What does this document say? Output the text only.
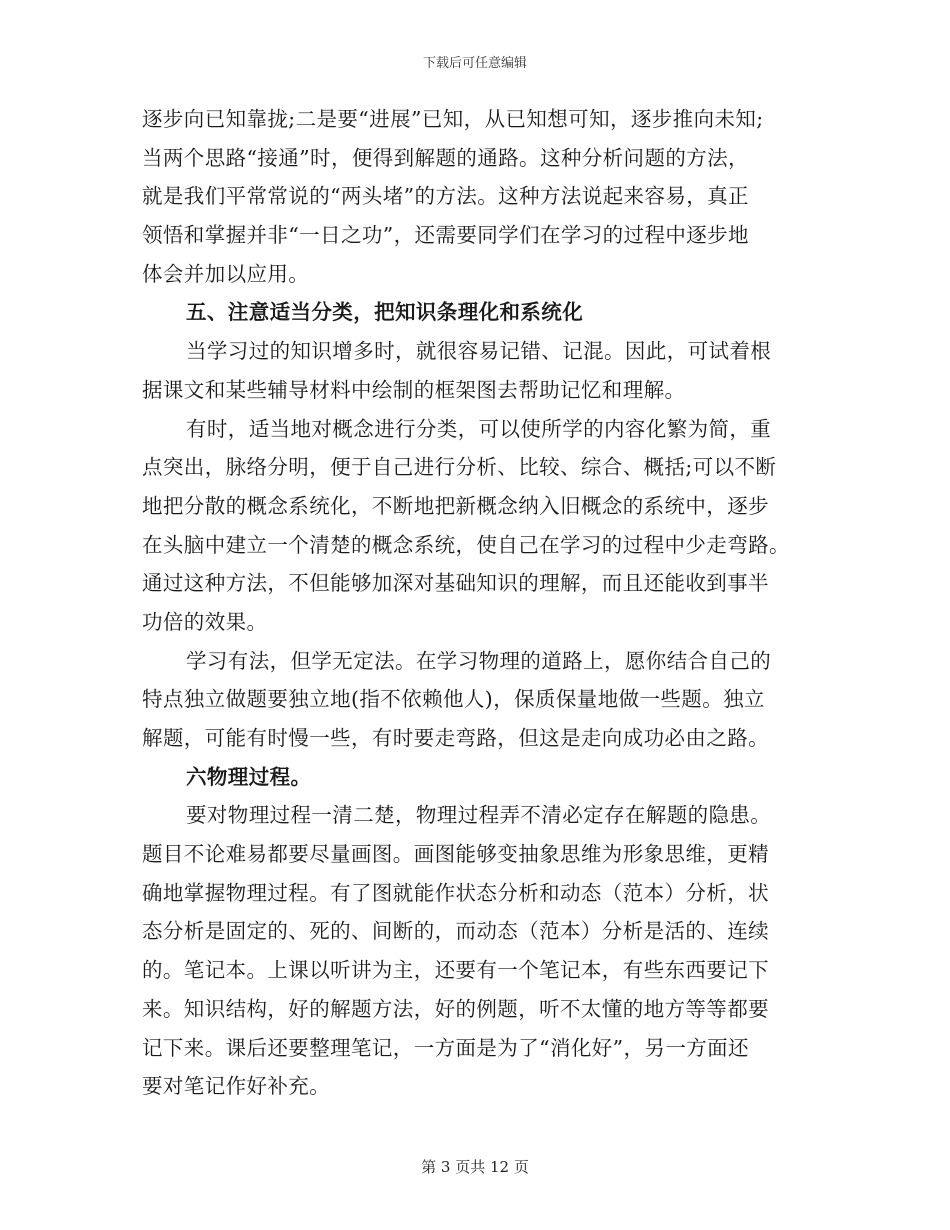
下载后可任意编辑
逐步向已知靠拢;二是要“进展”已知，从已知想可知，逐步推向未知;
当两个思路“接通”时，便得到解题的通路。这种分析问题的方法，
就是我们平常常说的“两头堵”的方法。这种方法说起来容易，真正
领悟和掌握并非“一日之功”，还需要同学们在学习的过程中逐步地
体会并加以应用。
五、注意适当分类，把知识条理化和系统化
当学习过的知识增多时，就很容易记错、记混。因此，可试着根
据课文和某些辅导材料中绘制的框架图去帮助记忆和理解。
有时，适当地对概念进行分类，可以使所学的内容化繁为简，重
点突出，脉络分明，便于自己进行分析、比较、综合、概括;可以不断
地把分散的概念系统化，不断地把新概念纳入旧概念的系统中，逐步
在头脑中建立一个清楚的概念系统，使自己在学习的过程中少走弯路。
通过这种方法，不但能够加深对基础知识的理解，而且还能收到事半
功倍的效果。
学习有法，但学无定法。在学习物理的道路上，愿你结合自己的
特点独立做题要独立地(指不依赖他人)，保质保量地做一些题。独立
解题，可能有时慢一些，有时要走弯路，但这是走向成功必由之路。
六物理过程。
要对物理过程一清二楚，物理过程弄不清必定存在解题的隐患。
题目不论难易都要尽量画图。画图能够变抽象思维为形象思维，更精
确地掌握物理过程。有了图就能作状态分析和动态（范本）分析，状
态分析是固定的、死的、间断的，而动态（范本）分析是活的、连续
的。笔记本。上课以听讲为主，还要有一个笔记本，有些东西要记下
来。知识结构，好的解题方法，好的例题，听不太懂的地方等等都要
记下来。课后还要整理笔记，一方面是为了“消化好”，另一方面还
要对笔记作好补充。
第 3 页共 12 页
